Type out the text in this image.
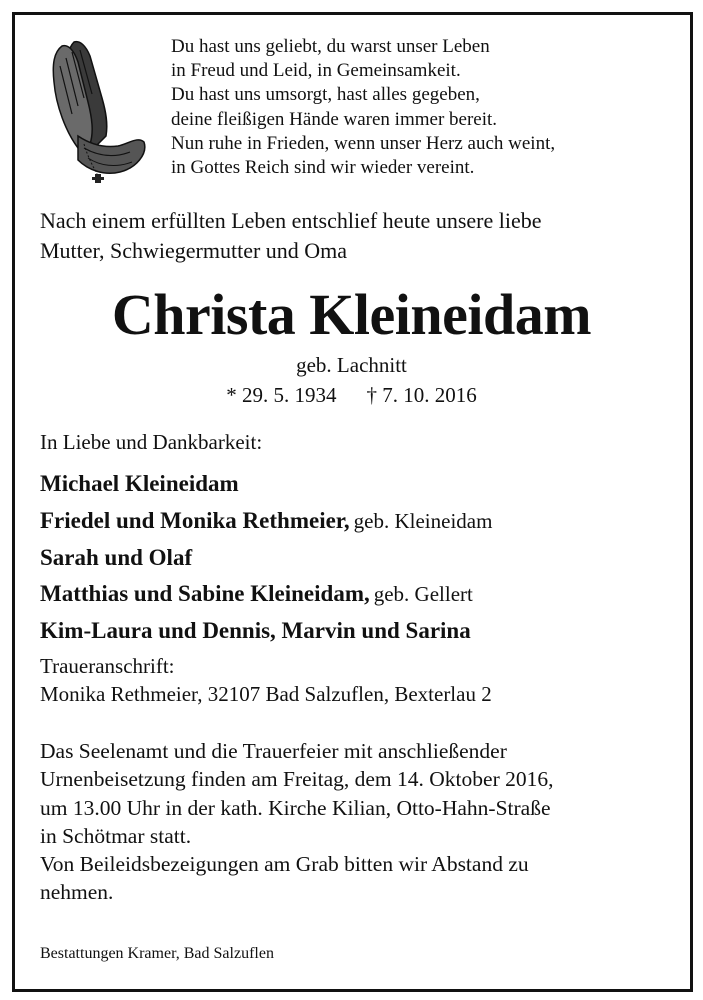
Du hast uns geliebt, du warst unser Leben
in Freud und Leid, in Gemeinsamkeit.
Du hast uns umsorgt, hast alles gegeben,
deine fleißigen Hände waren immer bereit.
Nun ruhe in Frieden, wenn unser Herz auch weint,
in Gottes Reich sind wir wieder vereint.
Nach einem erfüllten Leben entschlief heute unsere liebe
Mutter, Schwiegermutter und Oma
Christa Kleineidam
geb. Lachnitt
* 29. 5. 1934 † 7. 10. 2016
In Liebe und Dankbarkeit:
Michael Kleineidam
Friedel und Monika Rethmeier, geb. Kleineidam
Sarah und Olaf
Matthias und Sabine Kleineidam, geb. Gellert
Kim-Laura und Dennis, Marvin und Sarina
Traueranschrift:
Monika Rethmeier, 32107 Bad Salzuflen, Bexterlau 2
Das Seelenamt und die Trauerfeier mit anschließender
Urnenbeisetzung finden am Freitag, dem 14. Oktober 2016,
um 13.00 Uhr in der kath. Kirche Kilian, Otto-Hahn-Straße
in Schötmar statt.
Von Beileidsbezeigungen am Grab bitten wir Abstand zu
nehmen.
Bestattungen Kramer, Bad Salzuflen
